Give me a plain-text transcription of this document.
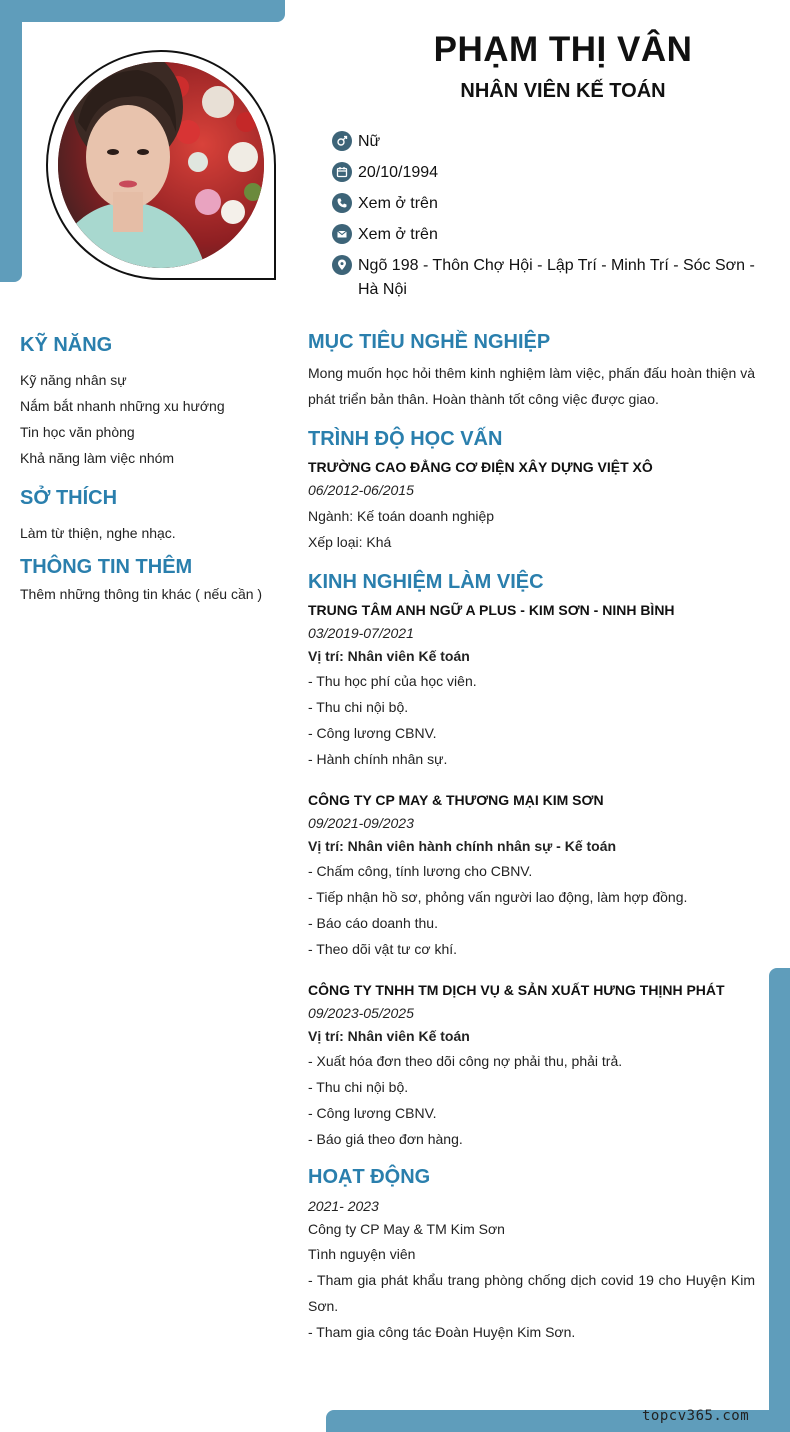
PHẠM THỊ VÂN
NHÂN VIÊN KẾ TOÁN
Nữ
20/10/1994
Xem ở trên
Xem ở trên
Ngõ 198 - Thôn Chợ Hội - Lập Trí - Minh Trí - Sóc Sơn - Hà Nội
KỸ NĂNG
Kỹ năng nhân sự
Nắm bắt nhanh những xu hướng
Tin học văn phòng
Khả năng làm việc nhóm
SỞ THÍCH
Làm từ thiện, nghe nhạc.
THÔNG TIN THÊM
Thêm những thông tin khác ( nếu cần )
MỤC TIÊU NGHỀ NGHIỆP
Mong muốn học hỏi thêm kinh nghiệm làm việc, phấn đấu hoàn thiện và phát triển bản thân. Hoàn thành tốt công việc được giao.
TRÌNH ĐỘ HỌC VẤN
TRƯỜNG CAO ĐẲNG CƠ ĐIỆN XÂY DỰNG VIỆT XÔ
06/2012-06/2015
Ngành: Kế toán doanh nghiệp
Xếp loại: Khá
KINH NGHIỆM LÀM VIỆC
TRUNG TÂM ANH NGỮ A PLUS - KIM SƠN - NINH BÌNH
03/2019-07/2021
Vị trí: Nhân viên Kế toán
- Thu học phí của học viên.
- Thu chi nội bộ.
- Công lương CBNV.
- Hành chính nhân sự.
CÔNG TY CP MAY & THƯƠNG MẠI KIM SƠN
09/2021-09/2023
Vị trí: Nhân viên hành chính nhân sự - Kế toán
- Chấm công, tính lương cho CBNV.
- Tiếp nhận hồ sơ, phỏng vấn người lao động, làm hợp đồng.
- Báo cáo doanh thu.
- Theo dõi vật tư cơ khí.
CÔNG TY TNHH TM DỊCH VỤ & SẢN XUẤT HƯNG THỊNH PHÁT
09/2023-05/2025
Vị trí: Nhân viên Kế toán
- Xuất hóa đơn theo dõi công nợ phải thu, phải trả.
- Thu chi nội bộ.
- Công lương CBNV.
- Báo giá theo đơn hàng.
HOẠT ĐỘNG
2021- 2023
Công ty CP May & TM Kim Sơn
Tình nguyện viên
- Tham gia phát khẩu trang phòng chống dịch covid 19 cho Huyện Kim Sơn.
- Tham gia công tác Đoàn Huyện Kim Sơn.
topcv365.com
